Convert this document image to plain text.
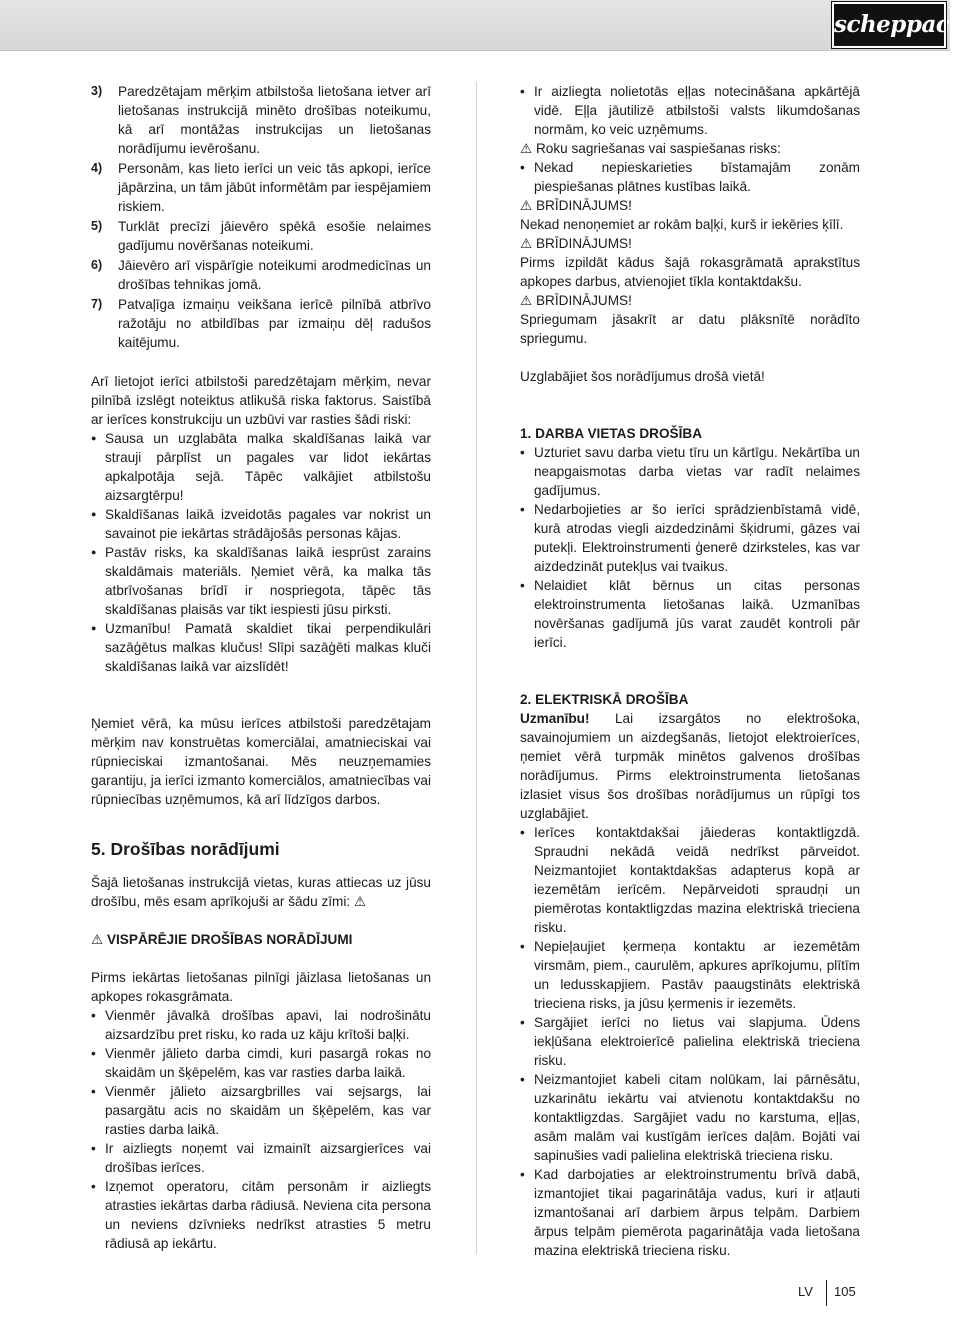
scheppach
3) Paredzētajam mērķim atbilstoša lietošana ietver arī lietošanas instrukcijā minēto drošības noteikumu, kā arī montāžas instrukcijas un lietošanas norādījumu ievērošanu.
4) Personām, kas lieto ierīci un veic tās apkopi, ierīce jāpārzina, un tām jābūt informētām par iespējamiem riskiem.
5) Turklāt precīzi jāievēro spēkā esošie nelaimes gadījumu novēršanas noteikumi.
6) Jāievēro arī vispārīgie noteikumi arodmedicīnas un drošības tehnikas jomā.
7) Patvaļīga izmaiņu veikšana ierīcē pilnībā atbrīvo ražotāju no atbildības par izmaiņu dēļ radušos kaitējumu.

Arī lietojot ierīci atbilstoši paredzētajam mērķim, nevar pilnībā izslēgt noteiktus atlikušā riska faktorus. Saistībā ar ierīces konstrukciju un uzbūvi var rasties šādi riski:

● Sausa un uzglabāta malka skaldīšanas laikā var strauji pārplīst un pagales var lidot iekārtas apkalpotāja sejā. Tāpēc valkājiet atbilstošu aizsargtērpu!
● Skaldīšanas laikā izveidotās pagales var nokrist un savainot pie iekārtas strādājošās personas kājas.
● Pastāv risks, ka skaldīšanas laikā iesprūst zarains skaldāmais materiāls. Ņemiet vērā, ka malka tās atbrīvošanas brīdī ir nospriegota, tāpēc tās skaldīšanas plaisās var tikt iespiesti jūsu pirksti.
● Uzmanību! Pamatā skaldiet tikai perpendikulāri sazāģētus malkas klučus! Slīpi sazāģēti malkas kluči skaldīšanas laikā var aizslīdēt!

Ņemiet vērā, ka mūsu ierīces atbilstoši paredzētajam mērķim nav konstruētas komerciālai, amatnieciskai vai rūpnieciskai izmantošanai. Mēs neuzņemamies garantiju, ja ierīci izmanto komerciālos, amatniecības vai rūpniecības uzņēmumos, kā arī līdzīgos darbos.

5. Drošības norādījumi

Šajā lietošanas instrukcijā vietas, kuras attiecas uz jūsu drošību, mēs esam aprīkojuši ar šādu zīmi: ⚠

⚠ VISPĀRĒJIE DROŠĪBAS NORĀDĪJUMI

Pirms iekārtas lietošanas pilnīgi jāizlasa lietošanas un apkopes rokasgrāmata.

• Vienmēr jāvalkā drošības apavi, lai nodrošinātu aizsardzību pret risku, ko rada uz kāju krītoši baļķi.
• Vienmēr jālieto darba cimdi, kuri pasargā rokas no skaidām un šķēpelēm, kas var rasties darba laikā.
• Vienmēr jālieto aizsargbrilles vai sejsargs, lai pasargātu acis no skaidām un šķēpelēm, kas var rasties darba laikā.
• Ir aizliegts noņemt vai izmainīt aizsargierīces vai drošības ierīces.
• Izņemot operatoru, citām personām ir aizliegts atrasties iekārtas darba rādiusā. Neviena cita persona un neviens dzīvnieks nedrīkst atrasties 5 metru rādiusā ap iekārtu.
• Ir aizliegta nolietotās eļļas notecināšana apkārtējā vidē. Eļļa jāutilizē atbilstoši valsts likumdošanas normām, ko veic uzņēmums.

⚠ Roku sagriešanas vai saspiešanas risks:

• Nekad nepieskarieties bīstamajām zonām piespiešanas plātnes kustības laikā.

⚠ BRĪDINĀJUMS!

Nekad nenoņemiet ar rokām baļķi, kurš ir iekēries ķīlī.

⚠ BRĪDINĀJUMS!

Pirms izpildāt kādus šajā rokasgrāmatā aprakstītus apkopes darbus, atvienojiet tīkla kontaktdakšu.

⚠ BRĪDINĀJUMS!

Spriegumam jāsakrīt ar datu plāksnītē norādīto spriegumu.

Uzglabājiet šos norādījumus drošā vietā!

1. DARBA VIETAS DROŠĪBA

• Uzturiet savu darba vietu tīru un kārtīgu. Nekārtība un neapgaismotas darba vietas var radīt nelaimes gadījumus.
• Nedarbojieties ar šo ierīci sprādzienbīstamā vidē, kurā atrodas viegli aizdedzināmi šķidrumi, gāzes vai putekļi. Elektroinstrumenti ģenerē dzirksteles, kas var aizdedzināt putekļus vai tvaikus.
• Nelaidiet klāt bērnus un citas personas elektroinstrumenta lietošanas laikā. Uzmanības novēršanas gadījumā jūs varat zaudēt kontroli pār ierīci.

2. ELEKTRISKĀ DROŠĪBA

Uzmanību! Lai izsargātos no elektrošoka, savainojumiem un aizdegšanās, lietojot elektroierīces, ņemiet vērā turpmāk minētos galvenos drošības norādījumus. Pirms elektroinstrumenta lietošanas izlasiet visus šos drošības norādījumus un rūpīgi tos uzglabājiet.

• Ierīces kontaktdakšai jāiederas kontaktligzdā. Spraudni nekādā veidā nedrīkst pārveidot. Neizmantojiet kontaktdakšas adapterus kopā ar iezemētām ierīcēm. Nepārveidoti spraudņi un piemērotas kontaktligzdas mazina elektriskā trieciena risku.
• Nepieļaujiet ķermeņa kontaktu ar iezemētām virsmām, piem., caurulēm, apkures aprīkojumu, plītīm un ledusskapjiem. Pastāv paaugstināts elektriskā trieciena risks, ja jūsu ķermenis ir iezemēts.
• Sargājiet ierīci no lietus vai slapjuma. Ūdens iekļūšana elektroierīcē palielina elektriskā trieciena risku.
• Neizmantojiet kabeli citam nolūkam, lai pārnēsātu, uzkarinātu iekārtu vai atvienotu kontaktdakšu no kontaktligzdas. Sargājiet vadu no karstuma, eļļas, asām malām vai kustīgām ierīces daļām. Bojāti vai sapinušies vadi palielina elektriskā trieciena risku.
• Kad darbojaties ar elektroinstrumentu brīvā dabā, izmantojiet tikai pagarinātāja vadus, kuri ir atļauti izmantošanai arī darbiem ārpus telpām. Darbiem ārpus telpām piemērota pagarinātāja vada lietošana mazina elektriskā trieciena risku.
LV 105
